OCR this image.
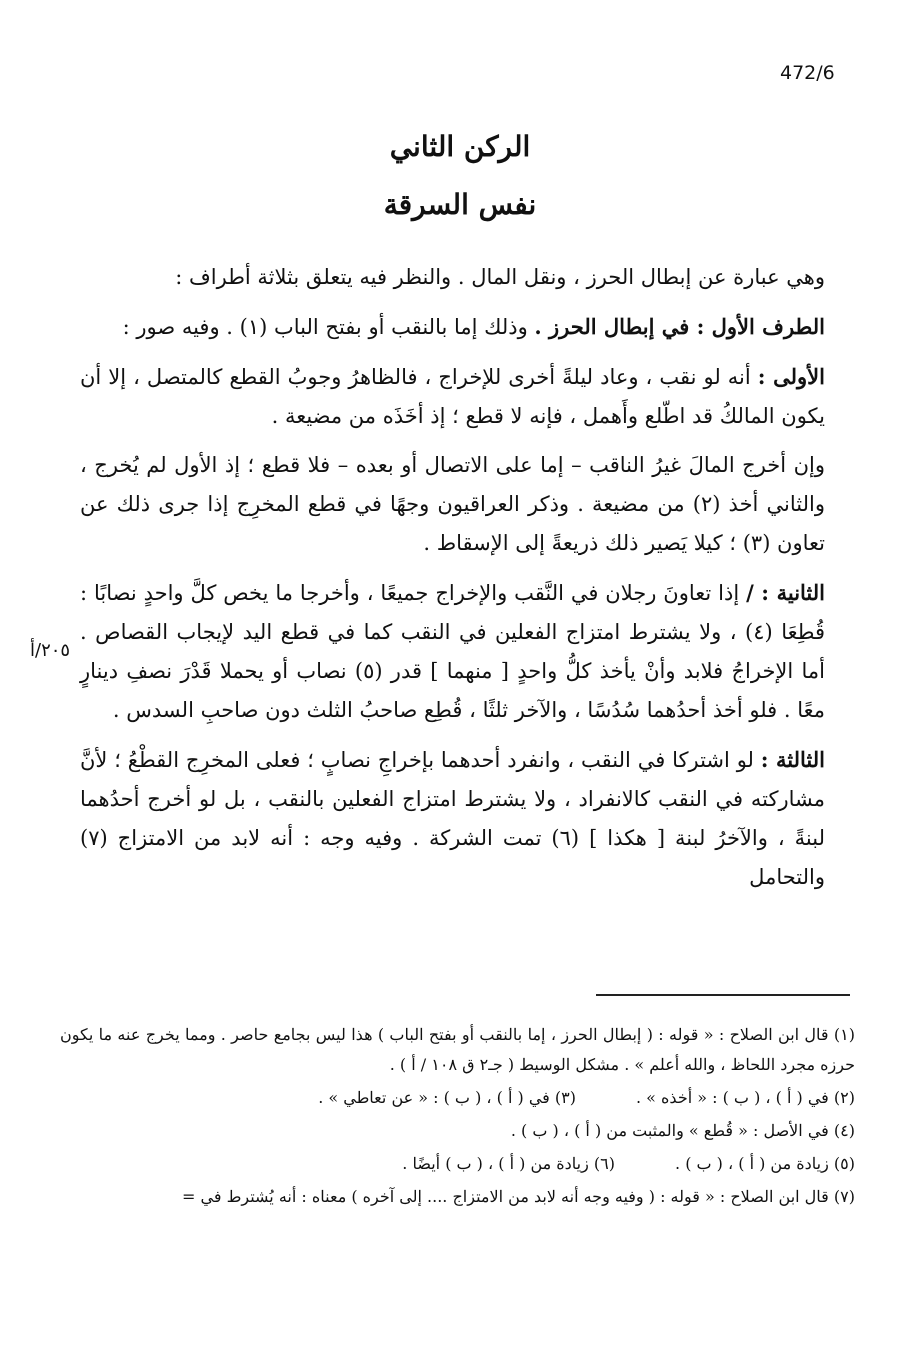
472/6
الركن الثاني
نفس السرقة
٢٠٥/أ

وهي عبارة عن إبطال الحرز ، ونقل المال . والنظر فيه يتعلق بثلاثة أطراف :

الطرف الأول : في إبطال الحرز . وذلك إما بالنقب أو بفتح الباب (١) . وفيه صور :

الأولى : أنه لو نقب ، وعاد ليلةً أخرى للإخراج ، فالظاهرُ وجوبُ القطع كالمتصل ، إلا أن يكون المالكُ قد اطّلع وأَهمل ، فإنه لا قطع ؛ إذ أخَذَه من مضيعة .

وإن أخرج المالَ غيرُ الناقب – إما على الاتصال أو بعده – فلا قطع ؛ إذ الأول لم يُخرج ، والثاني أخذ (٢) من مضيعة . وذكر العراقيون وجهًا في قطع المخرِج إذا جرى ذلك عن تعاون (٣) ؛ كيلا يَصير ذلك ذريعةً إلى الإسقاط .

الثانية : / إذا تعاونَ رجلان في النَّقب والإخراج جميعًا ، وأخرجا ما يخص كلَّ واحدٍ نصابًا : قُطِعَا (٤) ، ولا يشترط امتزاج الفعلين في النقب كما في قطع اليد لإيجاب القصاص . أما الإخراجُ فلابد وأنْ يأخذ كلُّ واحدٍ [ منهما ] قدر (٥) نصاب أو يحملا قَدْرَ نصفِ دينارٍ معًا . فلو أخذ أحدُهما سُدُسًا ، والآخر ثلثًا ، قُطِع صاحبُ الثلث دون صاحبِ السدس .

الثالثة : لو اشتركا في النقب ، وانفرد أحدهما بإخراجِ نصابٍ ؛ فعلى المخرِج القطْعُ ؛ لأنَّ مشاركته في النقب كالانفراد ، ولا يشترط امتزاج الفعلين بالنقب ، بل لو أخرج أحدُهما لبنةً ، والآخرُ لبنة [ هكذا ] (٦) تمت الشركة . وفيه وجه : أنه لابد من الامتزاج (٧) والتحامل

(١) قال ابن الصلاح : « قوله : ( إبطال الحرز ، إما بالنقب أو بفتح الباب ) هذا ليس بجامع حاصر . ومما يخرج عنه ما يكون حرزه مجرد اللحاظ ، والله أعلم » . مشكل الوسيط ( جـ٢ ق ١٠٨ / أ ) .
(٢) في ( أ ) ، ( ب ) : « أخذه » .
(٣) في ( أ ) ، ( ب ) : « عن تعاطي » .
(٤) في الأصل : « قُطع » والمثبت من ( أ ) ، ( ب ) .
(٥) زيادة من ( أ ) ، ( ب ) .
(٦) زيادة من ( أ ) ، ( ب ) أيضًا .
(٧) قال ابن الصلاح : « قوله : ( وفيه وجه أنه لابد من الامتزاج .... إلى آخره ) معناه : أنه يُشترط في =
